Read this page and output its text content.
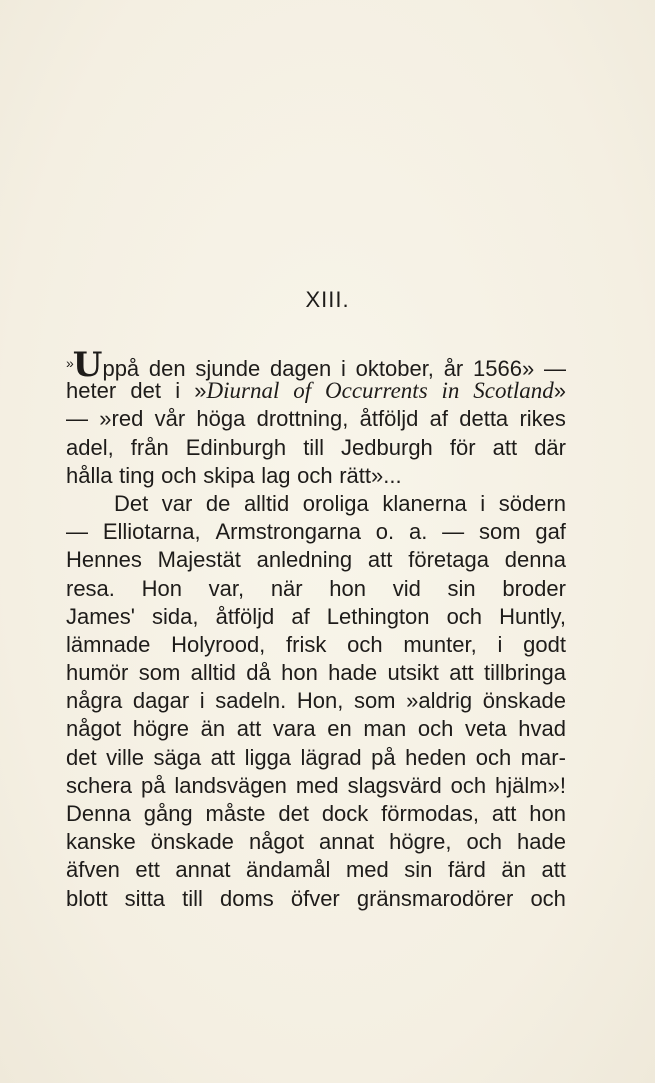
XIII.
»Uppå den sjunde dagen i oktober, år 1566» —
heter det i »Diurnal of Occurrents in Scotland»
— »red vår höga drottning, åtföljd af detta rikes
adel, från Edinburgh till Jedburgh för att där
hålla ting och skipa lag och rätt»...
Det var de alltid oroliga klanerna i södern
— Elliotarna, Armstrongarna o. a. — som gaf
Hennes Majestät anledning att företaga denna
resa. Hon var, när hon vid sin broder
James' sida, åtföljd af Lethington och Huntly,
lämnade Holyrood, frisk och munter, i godt
humör som alltid då hon hade utsikt att tillbringa
några dagar i sadeln. Hon, som »aldrig önskade
något högre än att vara en man och veta hvad
det ville säga att ligga lägrad på heden och mar-
schera på landsvägen med slagsvärd och hjälm»!
Denna gång måste det dock förmodas, att hon
kanske önskade något annat högre, och hade
äfven ett annat ändamål med sin färd än att
blott sitta till doms öfver gränsmarodörer och
